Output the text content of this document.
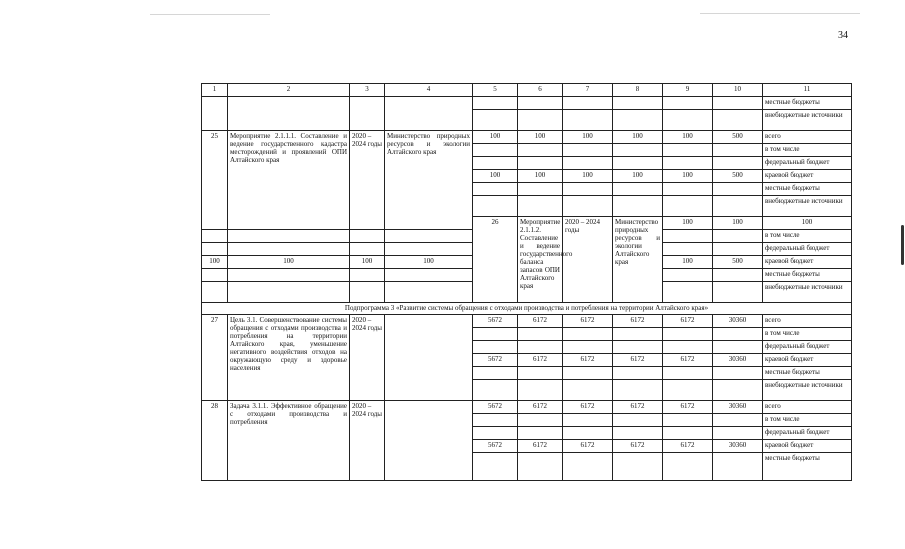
34
1	2	3	4	5	6	7	8	9	10	11	
										местные бюджеты	
										внебюджетные источники	
25	Мероприятие 2.1.1.1. Составление и ведение государственного кадастра месторождений и проявлений ОПИ Алтайского края	2020 – 2024 годы	Министерство природных ресурсов и экологии Алтайского края	100	100	100	100	100	500	всего	
										в том числе	
										федеральный бюджет	
				100	100	100	100	100	500	краевой бюджет	
										местные бюджеты	
										внебюджетные источники	
				26	Мероприятие 2.1.1.2. Составление и ведение государственного баланса запасов ОПИ Алтайского края	2020 – 2024 годы	Министерство природных ресурсов и экологии Алтайского края	100	100	100				
										в том числе	
										федеральный бюджет	
100	100	100	100					100	500	краевой бюджет	
										местные бюджеты	
										внебюджетные источники	
Подпрограмма 3 «Развитие системы обращения с отходами производства и потребления на территории Алтайского края»											
27	Цель 3.1. Совершенствование системы обращения с отходами производства и потребления на территории Алтайского края, уменьшение негативного воздействия отходов на окружающую среду и здоровье населения	2020 – 2024 годы		5672	6172	6172	6172	6172	30360	всего	
										в том числе	
										федеральный бюджет	
				5672	6172	6172	6172	6172	30360	краевой бюджет	
										местные бюджеты	
										внебюджетные источники	
28	Задача 3.1.1. Эффективное обращение с отходами производства и потребления	2020 – 2024 годы		5672	6172	6172	6172	6172	30360	всего	
										в том числе	
										федеральный бюджет	
				5672	6172	6172	6172	6172	30360	краевой бюджет	
										местные бюджеты	
